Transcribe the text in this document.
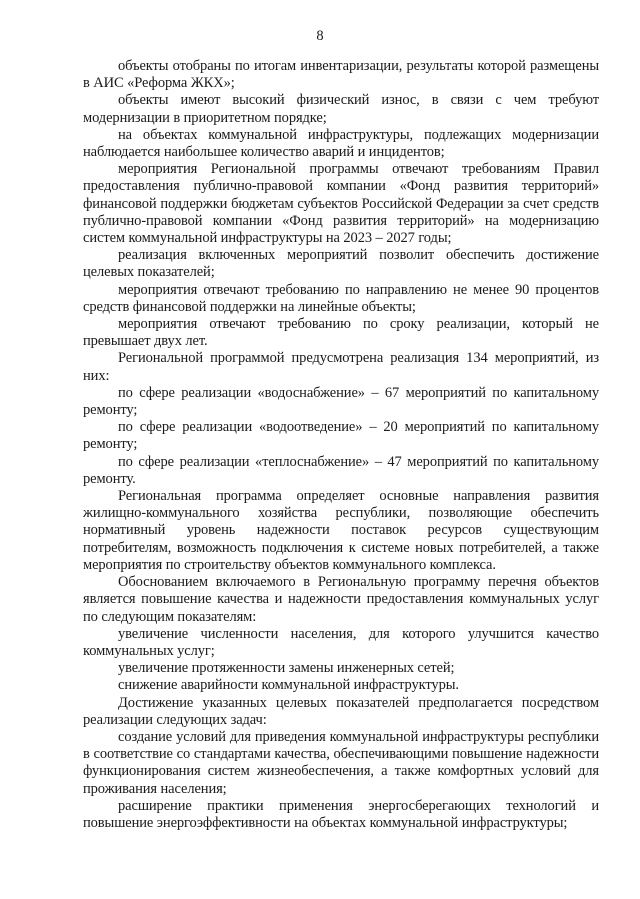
8

объекты отобраны по итогам инвентаризации, результаты которой размещены в АИС «Реформа ЖКХ»;

объекты имеют высокий физический износ, в связи с чем требуют модернизации в приоритетном порядке;

на объектах коммунальной инфраструктуры, подлежащих модернизации наблюдается наибольшее количество аварий и инцидентов;

мероприятия Региональной программы отвечают требованиям Правил предоставления публично-правовой компании «Фонд развития территорий» финансовой поддержки бюджетам субъектов Российской Федерации за счет средств публично-правовой компании «Фонд развития территорий» на модернизацию систем коммунальной инфраструктуры на 2023 – 2027 годы;

реализация включенных мероприятий позволит обеспечить достижение целевых показателей;

мероприятия отвечают требованию по направлению не менее 90 процентов средств финансовой поддержки на линейные объекты;

мероприятия отвечают требованию по сроку реализации, который не превышает двух лет.

Региональной программой предусмотрена реализация 134 мероприятий, из них:

по сфере реализации «водоснабжение» – 67 мероприятий по капитальному ремонту;

по сфере реализации «водоотведение» – 20 мероприятий по капитальному ремонту;

по сфере реализации «теплоснабжение» – 47 мероприятий по капитальному ремонту.

Региональная программа определяет основные направления развития жилищно-коммунального хозяйства республики, позволяющие обеспечить нормативный уровень надежности поставок ресурсов существующим потребителям, возможность подключения к системе новых потребителей, а также мероприятия по строительству объектов коммунального комплекса.

Обоснованием включаемого в Региональную программу перечня объектов является повышение качества и надежности предоставления коммунальных услуг по следующим показателям:

увеличение численности населения, для которого улучшится качество коммунальных услуг;

увеличение протяженности замены инженерных сетей;

снижение аварийности коммунальной инфраструктуры.

Достижение указанных целевых показателей предполагается посредством реализации следующих задач:

создание условий для приведения коммунальной инфраструктуры республики в соответствие со стандартами качества, обеспечивающими повышение надежности функционирования систем жизнеобеспечения, а также комфортных условий для проживания населения;

расширение практики применения энергосберегающих технологий и повышение энергоэффективности на объектах коммунальной инфраструктуры;
